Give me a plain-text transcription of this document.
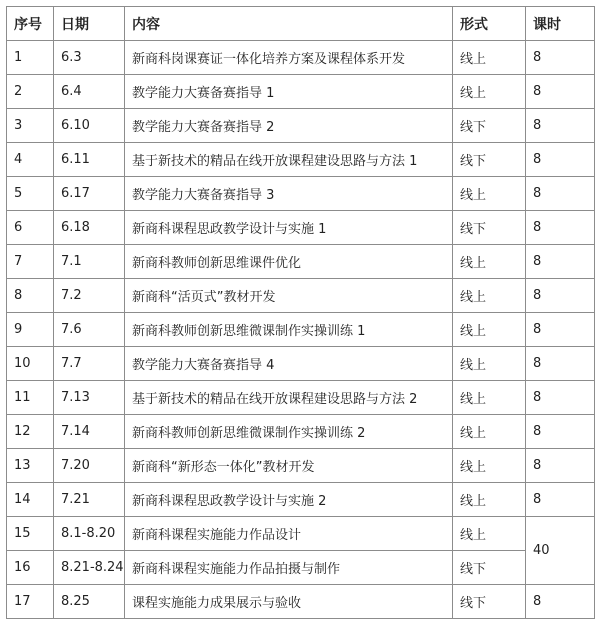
序号	日期	内容	形式	课时
1	6.3	新商科岗课赛证一体化培养方案及课程体系开发	线上	8
2	6.4	教学能力大赛备赛指导 1	线上	8
3	6.10	教学能力大赛备赛指导 2	线下	8
4	6.11	基于新技术的精品在线开放课程建设思路与方法 1	线下	8
5	6.17	教学能力大赛备赛指导 3	线上	8
6	6.18	新商科课程思政教学设计与实施 1	线下	8
7	7.1	新商科教师创新思维课件优化	线上	8
8	7.2	新商科“活页式”教材开发	线上	8
9	7.6	新商科教师创新思维微课制作实操训练 1	线上	8
10	7.7	教学能力大赛备赛指导 4	线上	8
11	7.13	基于新技术的精品在线开放课程建设思路与方法 2	线上	8
12	7.14	新商科教师创新思维微课制作实操训练 2	线上	8
13	7.20	新商科“新形态一体化”教材开发	线上	8
14	7.21	新商科课程思政教学设计与实施 2	线上	8
15	8.1-8.20	新商科课程实施能力作品设计	线上	40
16	8.21-8.24	新商科课程实施能力作品拍摄与制作	线下	
17	8.25	课程实施能力成果展示与验收	线下	8
